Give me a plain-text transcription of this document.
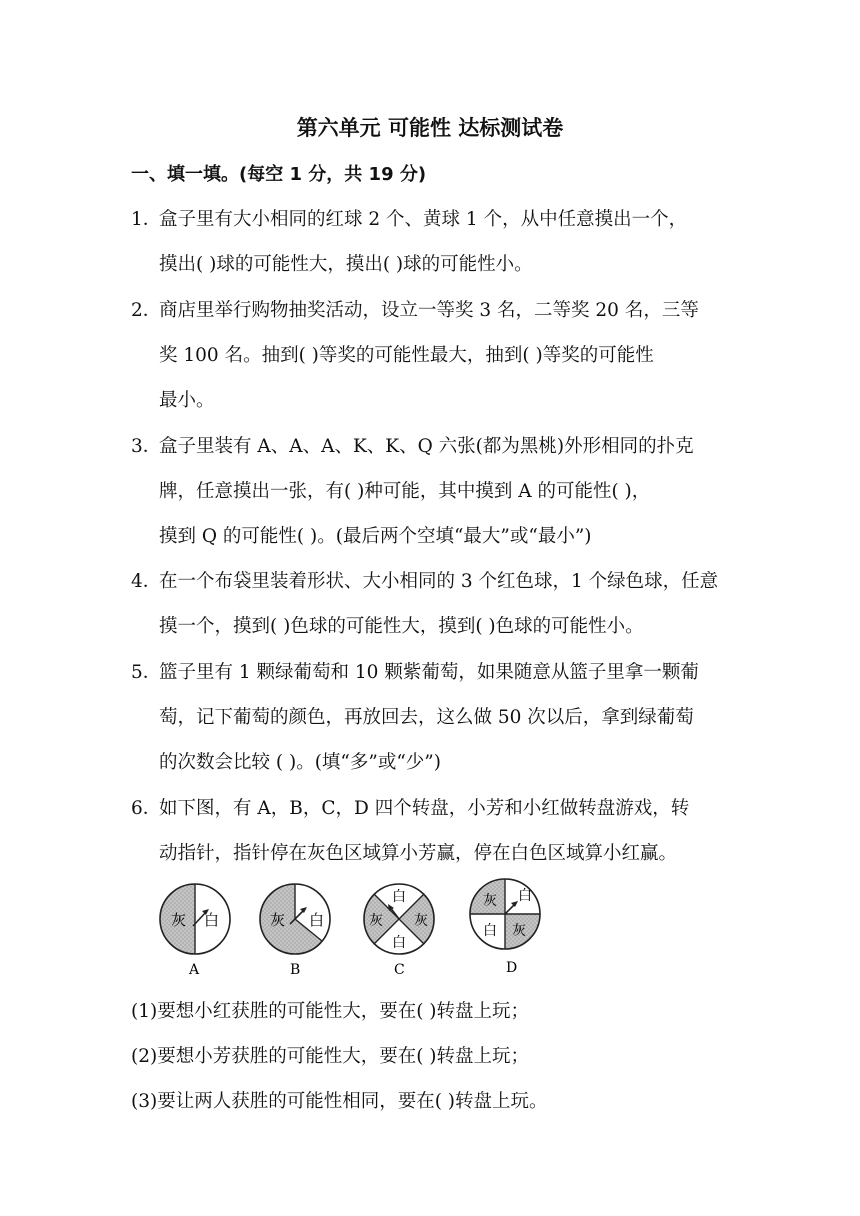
第六单元 可能性 达标测试卷
一、填一填。(每空 1 分，共 19 分)
1．
盒子里有大小相同的红球 2 个、黄球 1 个，从中任意摸出一个，
摸出( )球的可能性大，摸出( )球的可能性小。
2．
商店里举行购物抽奖活动，设立一等奖 3 名，二等奖 20 名，三等
奖 100 名。抽到( )等奖的可能性最大，抽到( )等奖的可能性
最小。
3．
盒子里装有 A、A、A、K、K、Q 六张(都为黑桃)外形相同的扑克
牌，任意摸出一张，有( )种可能，其中摸到 A 的可能性( )，
摸到 Q 的可能性( )。(最后两个空填“最大”或“最小”)
4．
在一个布袋里装着形状、大小相同的 3 个红色球，1 个绿色球，任意
摸一个，摸到( )色球的可能性大，摸到( )色球的可能性小。
5．
篮子里有 1 颗绿葡萄和 10 颗紫葡萄，如果随意从篮子里拿一颗葡
萄，记下葡萄的颜色，再放回去，这么做 50 次以后，拿到绿葡萄
的次数会比较 ( )。(填“多”或“少”)
6．
如下图，有 A，B，C，D 四个转盘，小芳和小红做转盘游戏，转
动指针，指针停在灰色区域算小芳赢，停在白色区域算小红赢。
灰 白	灰 白
白
灰 灰
白
灰 白
白 灰
A	B	C	D
(1)要想小红获胜的可能性大，要在( )转盘上玩；
(2)要想小芳获胜的可能性大，要在( )转盘上玩；
(3)要让两人获胜的可能性相同，要在( )转盘上玩。
